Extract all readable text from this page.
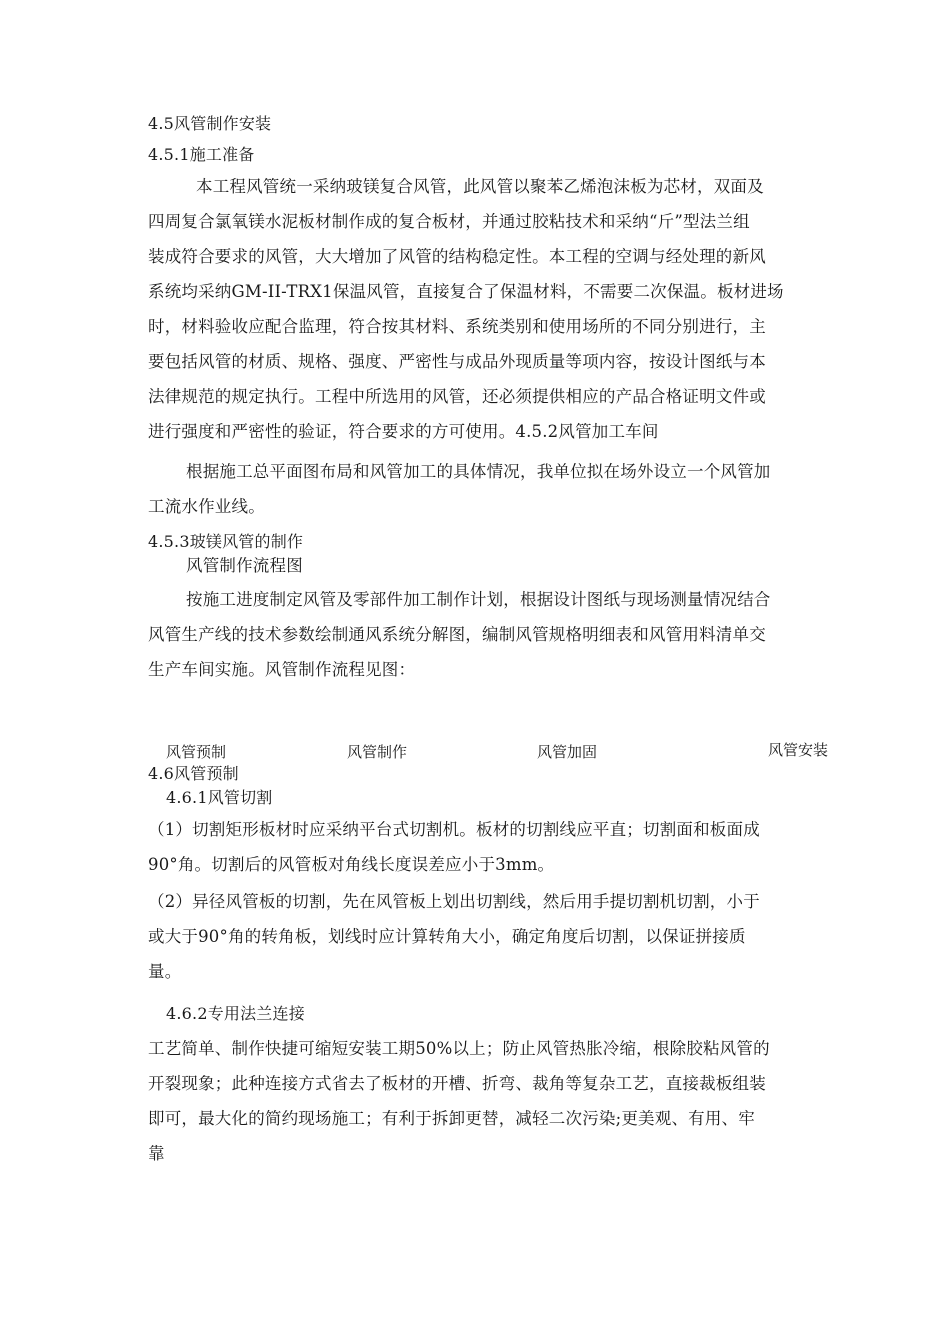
4.5风管制作安装
4.5.1施工准备
本工程风管统一采纳玻镁复合风管，此风管以聚苯乙烯泡沫板为芯材，双面及
四周复合氯氧镁水泥板材制作成的复合板材，并通过胶粘技术和采纳“斤”型法兰组
装成符合要求的风管，大大增加了风管的结构稳定性。本工程的空调与经处理的新风
系统均采纳GM-II-TRX1保温风管，直接复合了保温材料，不需要二次保温。板材进场
时，材料验收应配合监理，符合按其材料、系统类别和使用场所的不同分别进行，主
要包括风管的材质、规格、强度、严密性与成品外现质量等项内容，按设计图纸与本
法律规范的规定执行。工程中所选用的风管，还必须提供相应的产品合格证明文件或
进行强度和严密性的验证，符合要求的方可使用。4.5.2风管加工车间
根据施工总平面图布局和风管加工的具体情况，我单位拟在场外设立一个风管加
工流水作业线。
4.5.3玻镁风管的制作
风管制作流程图
按施工进度制定风管及零部件加工制作计划，根据设计图纸与现场测量情况结合
风管生产线的技术参数绘制通风系统分解图，编制风管规格明细表和风管用料清单交
生产车间实施。风管制作流程见图：
风管预制	风管制作	风管加固	风管安装
4.6风管预制
4.6.1风管切割
（1）切割矩形板材时应采纳平台式切割机。板材的切割线应平直；切割面和板面成
90°角。切割后的风管板对角线长度误差应小于3mm。
（2）异径风管板的切割，先在风管板上划出切割线，然后用手提切割机切割，小于
或大于90°角的转角板，划线时应计算转角大小，确定角度后切割，以保证拼接质
量。
4.6.2专用法兰连接
工艺简单、制作快捷可缩短安装工期50%以上；防止风管热胀冷缩，根除胶粘风管的
开裂现象；此种连接方式省去了板材的开槽、折弯、裁角等复杂工艺，直接裁板组装
即可，最大化的简约现场施工；有利于拆卸更替，减轻二次污染;更美观、有用、牢
靠
